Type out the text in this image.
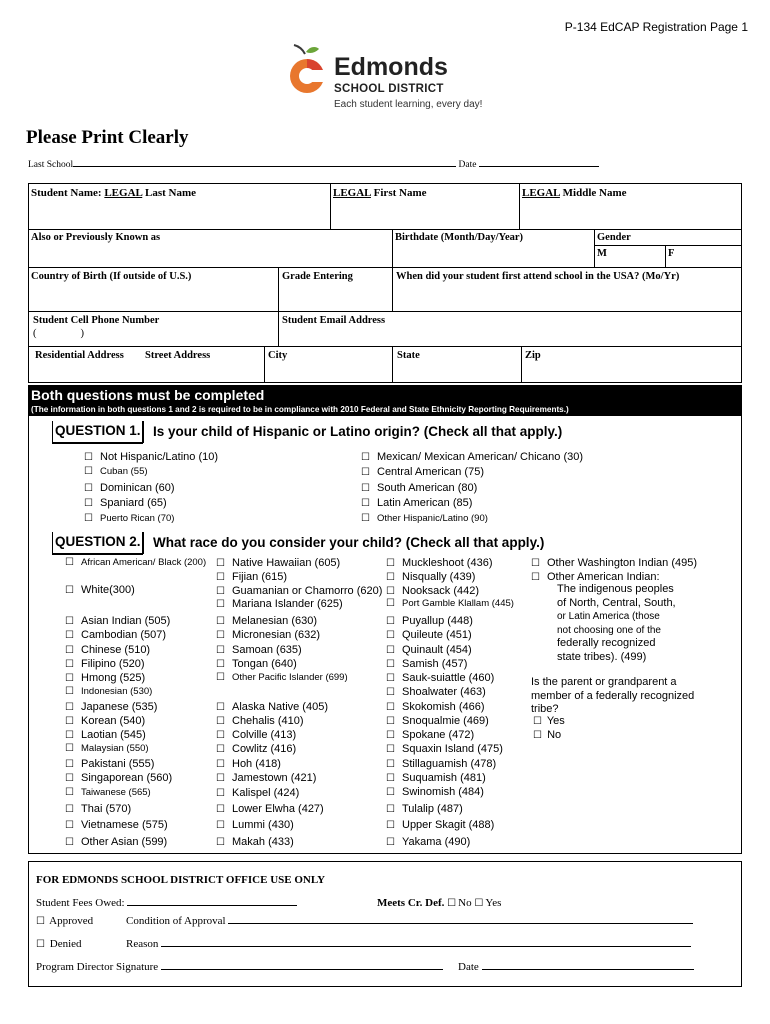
P-134 EdCAP Registration Page 1
Edmonds
SCHOOL DISTRICT
Each student learning, every day!
Please Print Clearly
Last School	Date
Student Name: LEGAL Last Name	LEGAL First Name	LEGAL Middle Name
Also or Previously Known as	Birthdate (Month/Day/Year)	Gender
M	F
Country of Birth (If outside of U.S.)	Grade Entering	When did your student first attend school in the USA? (Mo/Yr)
Student Cell Phone Number
(	)
Student Email Address
Residential Address Street Address	City	State	Zip
Both questions must be completed
(The information in both questions 1 and 2 is required to be in compliance with 2010 Federal and State Ethnicity Reporting Requirements.)
QUESTION 1. Is your child of Hispanic or Latino origin? (Check all that apply.)
☐ Not Hispanic/Latino (10)
☐ Cuban (55)
☐ Dominican (60)
☐ Spaniard (65)
☐ Puerto Rican (70)
☐ Mexican/ Mexican American/ Chicano (30)
☐ Central American (75)
☐ South American (80)
☐ Latin American (85)
☐ Other Hispanic/Latino (90)
QUESTION 2. What race do you consider your child? (Check all that apply.)
☐ African American/ Black (200)
☐ White(300)
☐ Asian Indian (505)
☐ Cambodian (507)
☐ Chinese (510)
☐ Filipino (520)
☐ Hmong (525)
☐ Indonesian (530)
☐ Japanese (535)
☐ Korean (540)
☐ Laotian (545)
☐ Malaysian (550)
☐ Pakistani (555)
☐ Singaporean (560)
☐ Taiwanese (565)
☐ Thai (570)
☐ Vietnamese (575)
☐ Other Asian (599)
☐ Native Hawaiian (605)
☐ Fijian (615)
☐ Guamanian or Chamorro (620)
☐ Mariana Islander (625)
☐ Melanesian (630)
☐ Micronesian (632)
☐ Samoan (635)
☐ Tongan (640)
☐ Other Pacific Islander (699)
☐ Alaska Native (405)
☐ Chehalis (410)
☐ Colville (413)
☐ Cowlitz (416)
☐ Hoh (418)
☐ Jamestown (421)
☐ Kalispel (424)
☐ Lower Elwha (427)
☐ Lummi (430)
☐ Makah (433)
☐ Muckleshoot (436)
☐ Nisqually (439)
☐ Nooksack (442)
☐ Port Gamble Klallam (445)
☐ Puyallup (448)
☐ Quileute (451)
☐ Quinault (454)
☐ Samish (457)
☐ Sauk-suiattle (460)
☐ Shoalwater (463)
☐ Skokomish (466)
☐ Snoqualmie (469)
☐ Spokane (472)
☐ Squaxin Island (475)
☐ Stillaguamish (478)
☐ Suquamish (481)
☐ Swinomish (484)
☐ Tulalip (487)
☐ Upper Skagit (488)
☐ Yakama (490)
☐ Other Washington Indian (495)
☐ Other American Indian:
The indigenous peoples
of North, Central, South,
or Latin America (those
not choosing one of the
federally recognized
state tribes). (499)
Is the parent or grandparent a
member of a federally recognized
tribe?
☐ Yes
☐ No
FOR EDMONDS SCHOOL DISTRICT OFFICE USE ONLY
Student Fees Owed:	Meets Cr. Def. ☐ No ☐ Yes
☐ Approved	Condition of Approval
☐ Denied	Reason
Program Director Signature	Date
